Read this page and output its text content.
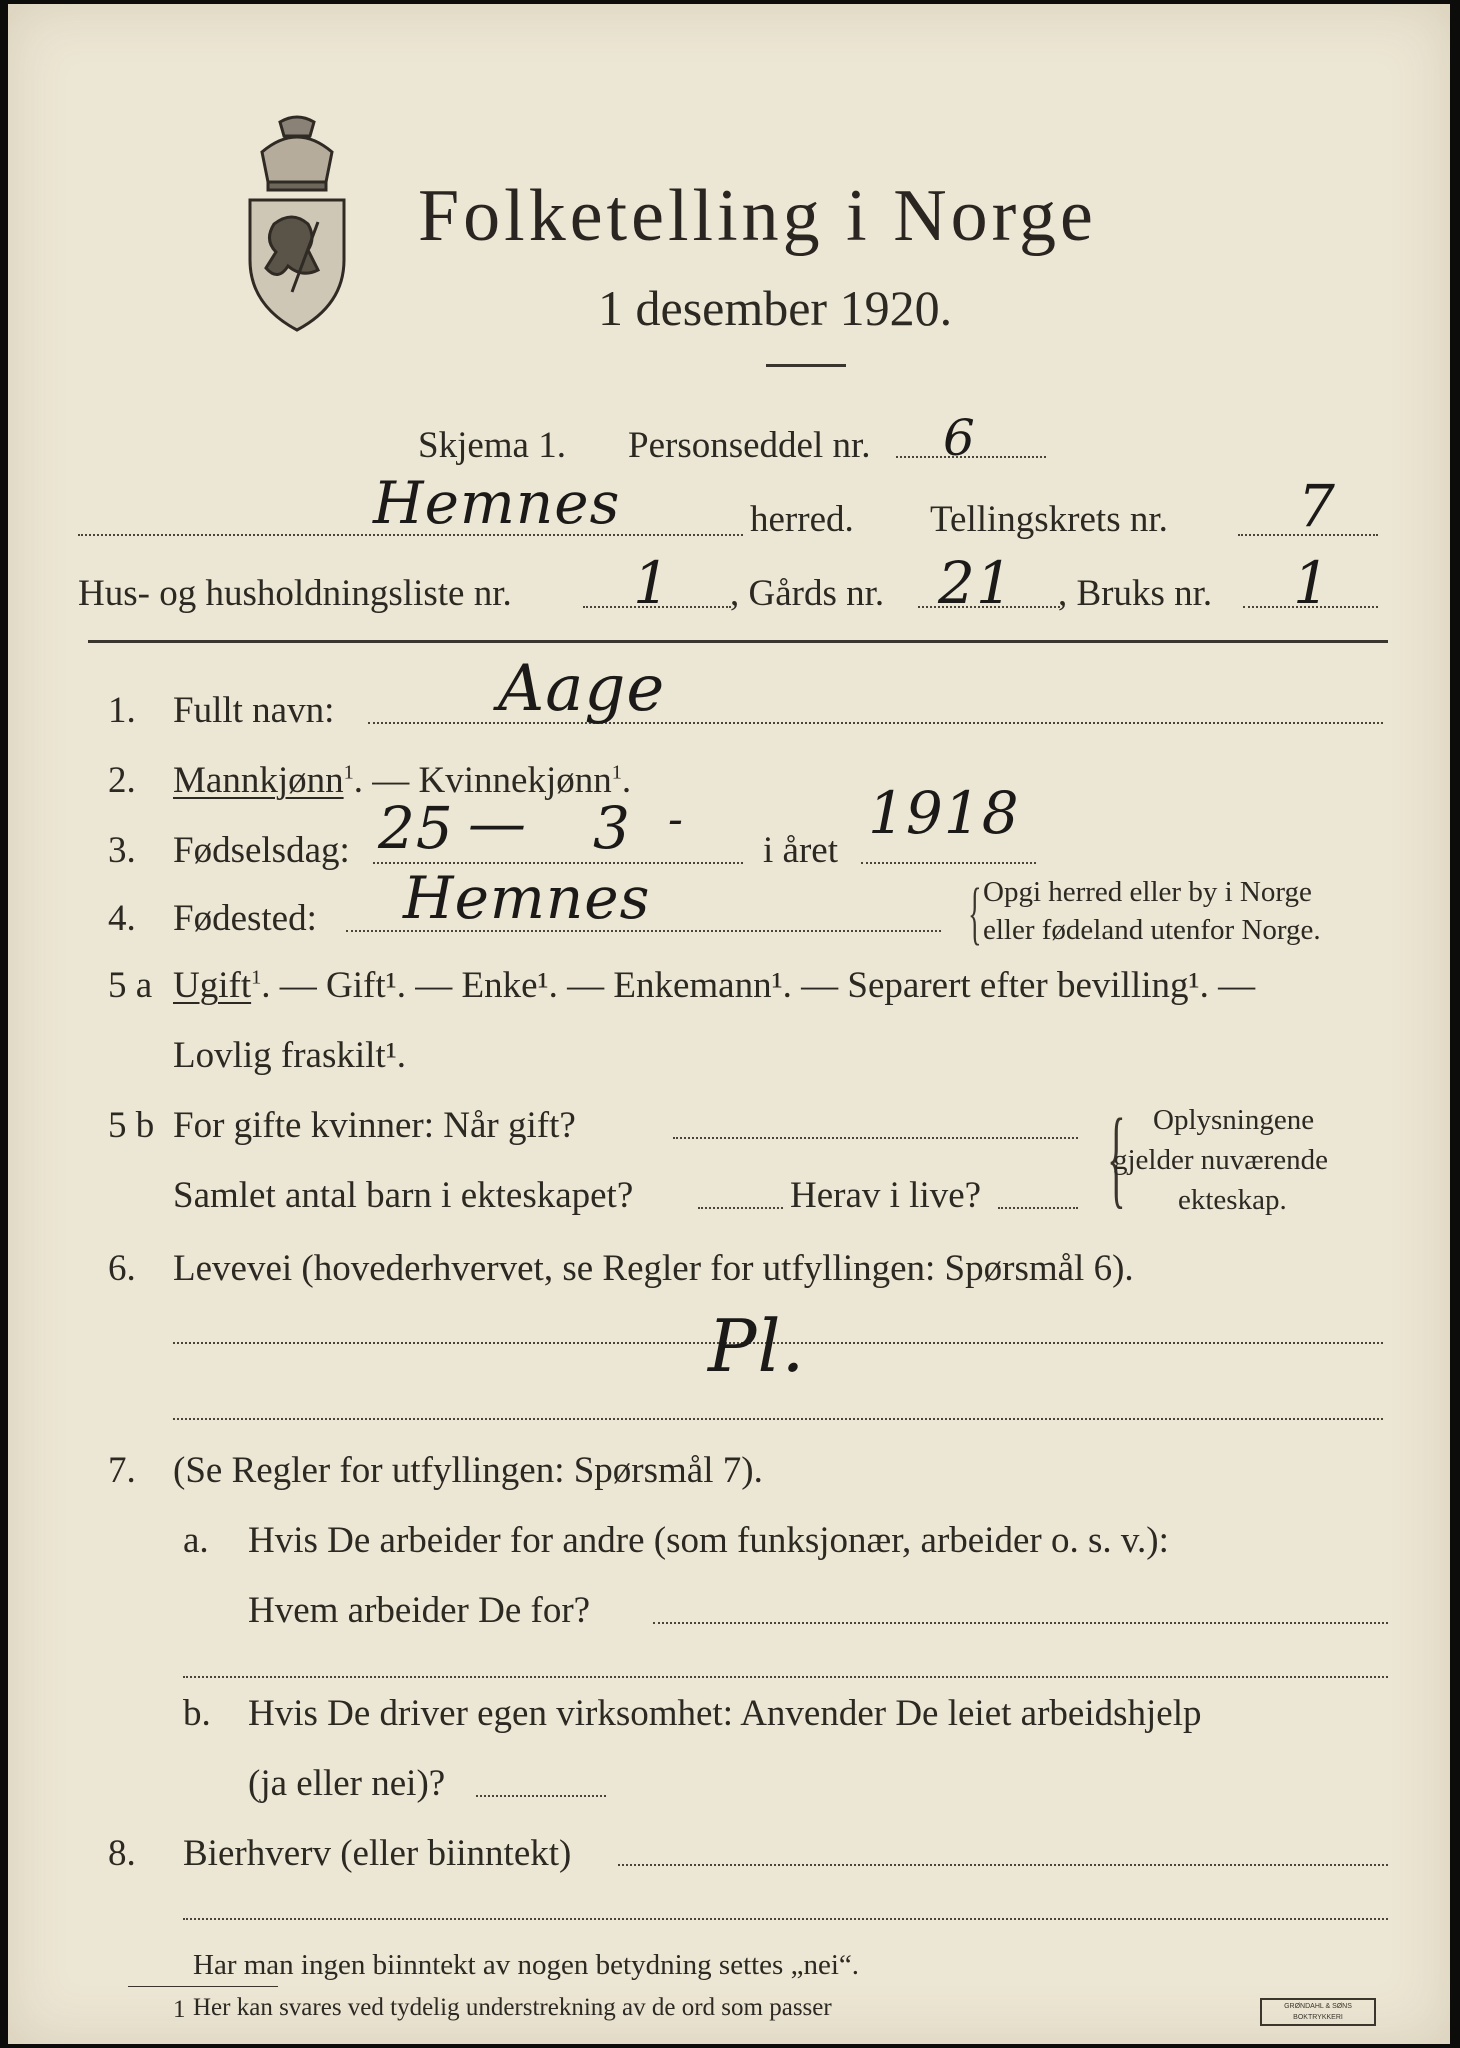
Folketelling i Norge
1 desember 1920.
Skjema 1. Personseddel nr. 6
Hemnes	herred. Tellingskrets nr. 7
Hus- og husholdningsliste nr. 1 , Gårds nr. 21 , Bruks nr. 1
1. Fullt navn:	Aage
2. Mannkjønn$^1$. — Kvinnekjønn$^1$.
3. Fødselsdag: 25 — 3 -
i året
1918
4. Fødested: Hemnes	{ Opgi herred eller by i Norge
eller fødeland utenfor Norge.
5 a Ugift$^1$. — Gift¹. — Enke¹. — Enkemann¹. — Separert efter bevilling¹. —
Lovlig fraskilt¹.
5 b For gifte kvinner: Når gift?
Samlet antal barn i ekteskapet?	Herav i live? { Oplysningene
gjelder nuværende
ekteskap.
6. Levevei (hovederhvervet, se Regler for utfyllingen: Spørsmål 6).
Pl.
7. (Se Regler for utfyllingen: Spørsmål 7).
a. Hvis De arbeider for andre (som funksjonær, arbeider o. s. v.):
Hvem arbeider De for?
b. Hvis De driver egen virksomhet: Anvender De leiet arbeidshjelp
(ja eller nei)?
8. Bierhverv (eller biinntekt)
Har man ingen biinntekt av nogen betydning settes „nei“.
1 Her kan svares ved tydelig understrekning av de ord som passer	GRØNDAHL & SØNS BOKTRYKKERI
